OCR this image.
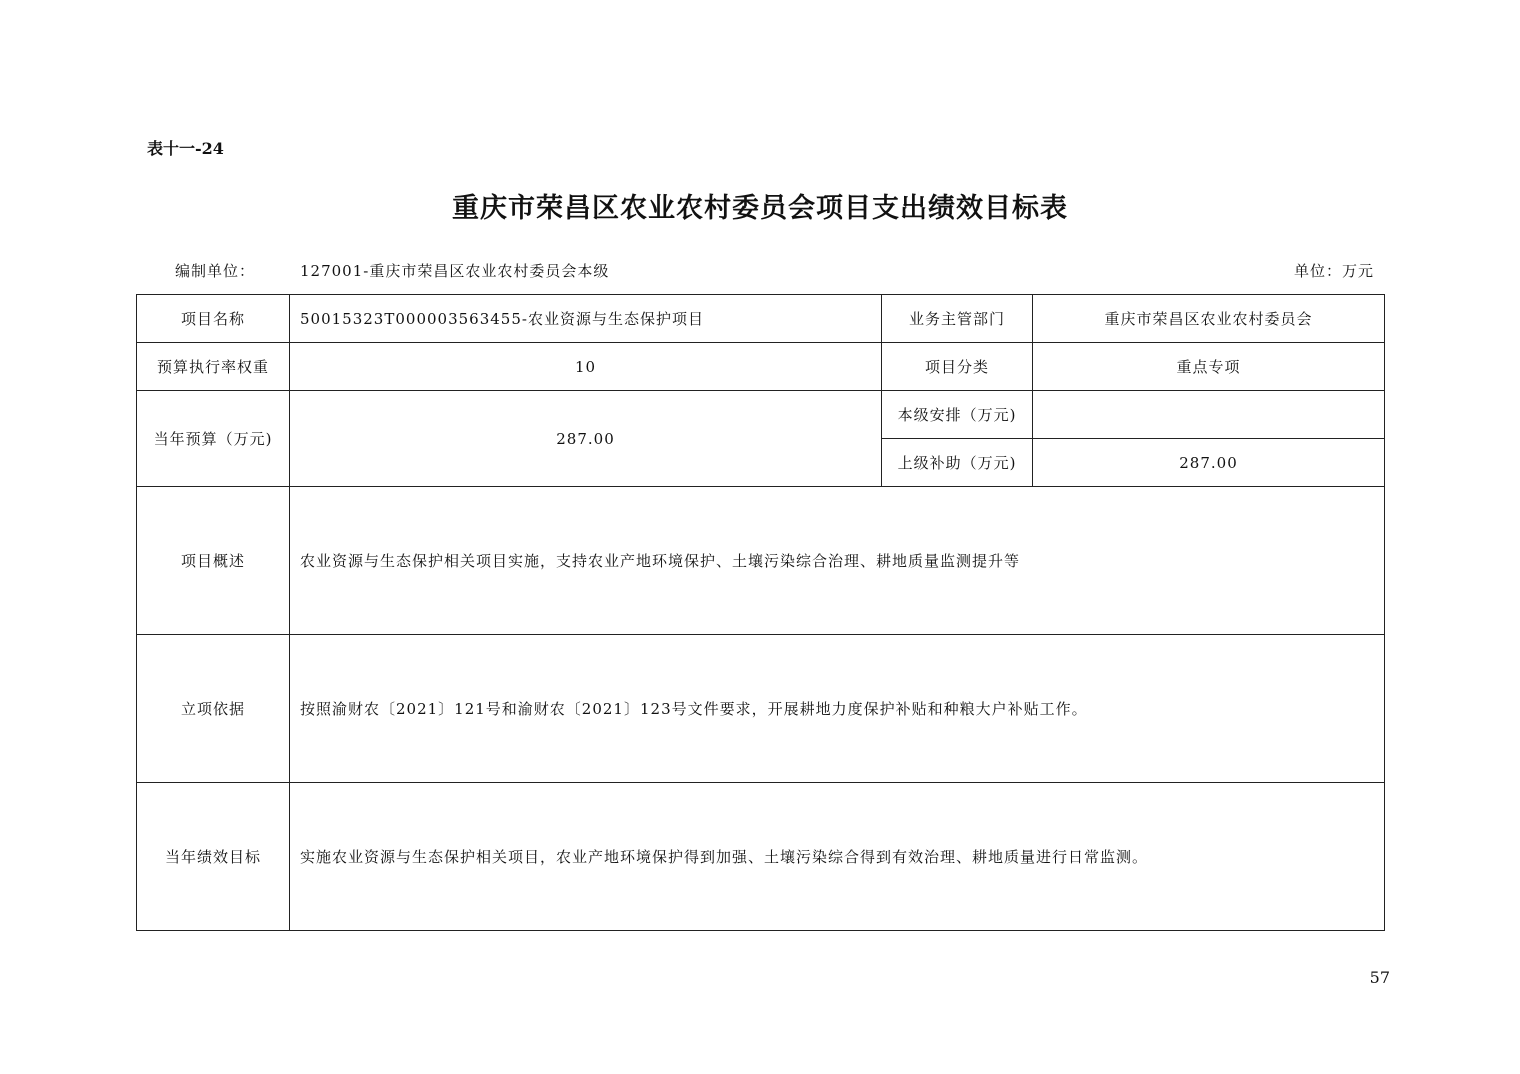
表十一-24
重庆市荣昌区农业农村委员会项目支出绩效目标表
编制单位：	127001-重庆市荣昌区农业农村委员会本级	单位：万元
项目名称	50015323T000003563455-农业资源与生态保护项目	业务主管部门	重庆市荣昌区农业农村委员会
预算执行率权重	10	项目分类	重点专项
当年预算（万元)	287.00	本级安排（万元)	
		上级补助（万元)	287.00
项目概述	农业资源与生态保护相关项目实施，支持农业产地环境保护、土壤污染综合治理、耕地质量监测提升等		
立项依据	按照渝财农〔2021〕121号和渝财农〔2021〕123号文件要求，开展耕地力度保护补贴和种粮大户补贴工作。		
当年绩效目标	实施农业资源与生态保护相关项目，农业产地环境保护得到加强、土壤污染综合得到有效治理、耕地质量进行日常监测。		
57
